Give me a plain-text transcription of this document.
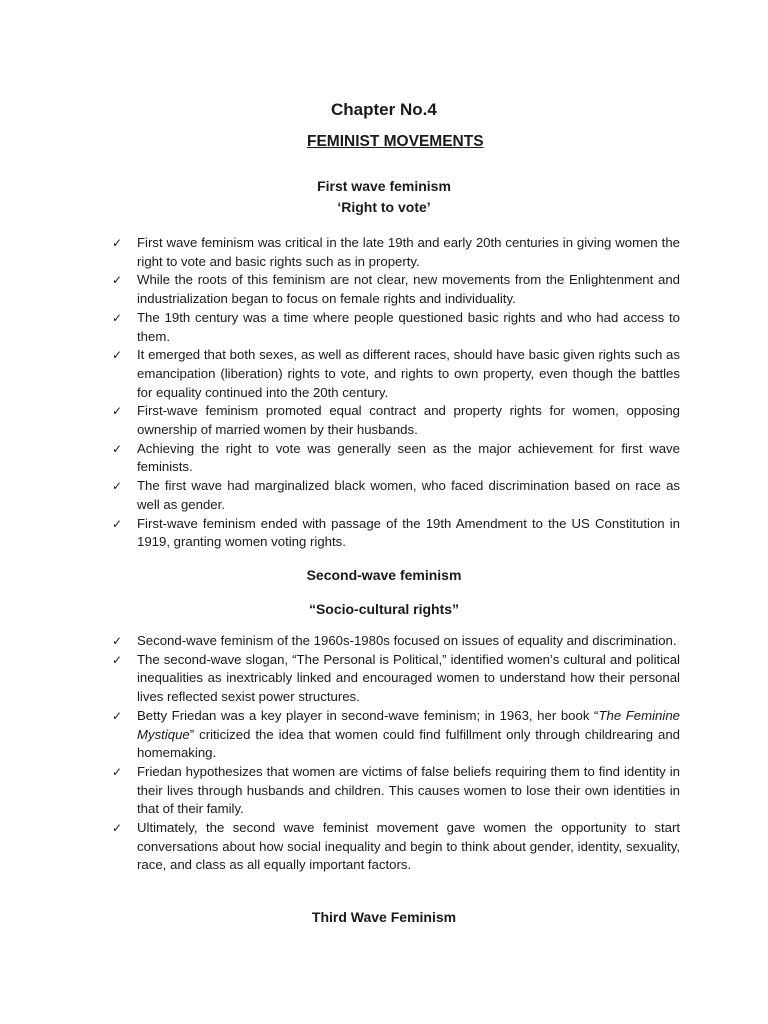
Chapter No.4
FEMINIST MOVEMENTS
First wave feminism
‘Right to vote’
✓ First wave feminism was critical in the late 19th and early 20th centuries in giving women the right to vote and basic rights such as in property.
✓ While the roots of this feminism are not clear, new movements from the Enlightenment and industrialization began to focus on female rights and individuality.
✓ The 19th century was a time where people questioned basic rights and who had access to them.
✓ It emerged that both sexes, as well as different races, should have basic given rights such as emancipation (liberation) rights to vote, and rights to own property, even though the battles for equality continued into the 20th century.
✓ First-wave feminism promoted equal contract and property rights for women, opposing ownership of married women by their husbands.
✓ Achieving the right to vote was generally seen as the major achievement for first wave feminists.
✓ The first wave had marginalized black women, who faced discrimination based on race as well as gender.
✓ First-wave feminism ended with passage of the 19th Amendment to the US Constitution in 1919, granting women voting rights.
Second-wave feminism
“Socio-cultural rights”
✓ Second-wave feminism of the 1960s-1980s focused on issues of equality and discrimination.
✓ The second-wave slogan, “The Personal is Political,” identified women’s cultural and political inequalities as inextricably linked and encouraged women to understand how their personal lives reflected sexist power structures.
✓ Betty Friedan was a key player in second-wave feminism; in 1963, her book “The Feminine Mystique” criticized the idea that women could find fulfillment only through childrearing and homemaking.
✓ Friedan hypothesizes that women are victims of false beliefs requiring them to find identity in their lives through husbands and children. This causes women to lose their own identities in that of their family.
✓ Ultimately, the second wave feminist movement gave women the opportunity to start conversations about how social inequality and begin to think about gender, identity, sexuality, race, and class as all equally important factors.
Third Wave Feminism
